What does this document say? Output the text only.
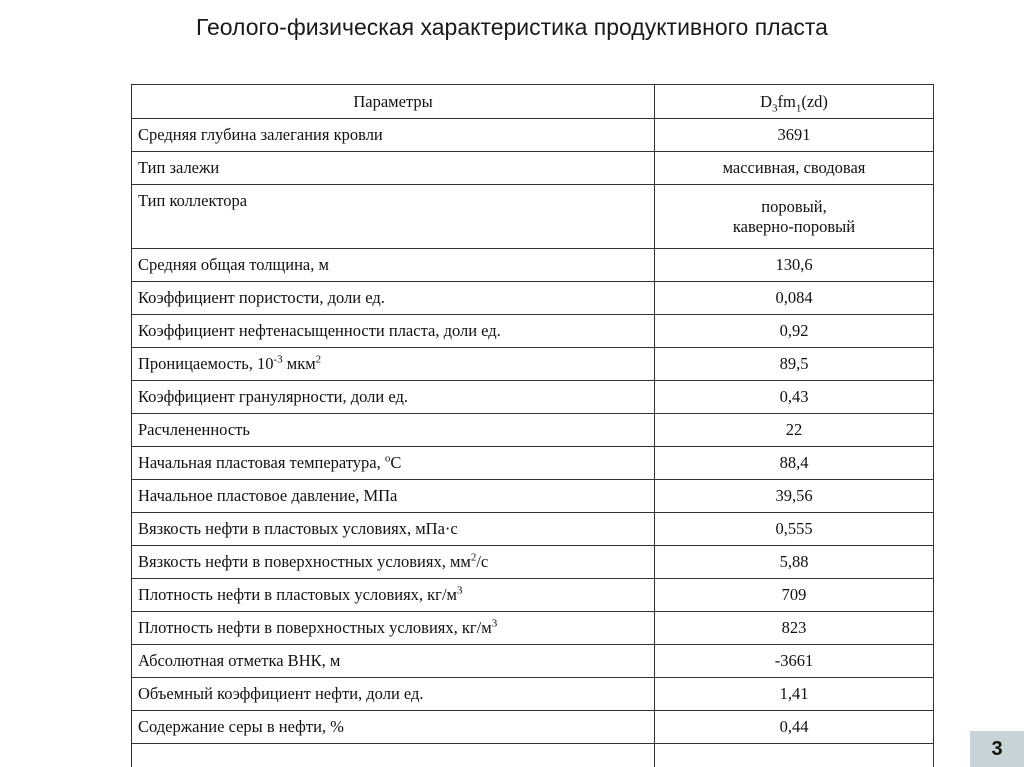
Геолого-физическая характеристика продуктивного пласта
Параметры	$D_3fm_1(zd)$
Средняя глубина залегания кровли	3691
Тип залежи	массивная, сводовая
Тип коллектора	поровый,
каверно-поровый
Средняя общая толщина, м	130,6
Коэффициент пористости, доли ед.	0,084
Коэффициент нефтенасыщенности пласта, доли ед.	0,92
Проницаемость, $10^{-3}$ мкм$^2$	89,5
Коэффициент гранулярности, доли ед.	0,43
Расчлененность	22
Начальная пластовая температура, $^о$С	88,4
Начальное пластовое давление, МПа	39,56
Вязкость нефти в пластовых условиях, мПа·с	0,555
Вязкость нефти в поверхностных условиях, $мм^2/с$	5,88
Плотность нефти в пластовых условиях, $кг/м^3$	709
Плотность нефти в поверхностных условиях, $кг/м^3$	823
Абсолютная отметка ВНК, м	-3661
Объемный коэффициент нефти, доли ед.	1,41
Содержание серы в нефти, %	0,44

3
